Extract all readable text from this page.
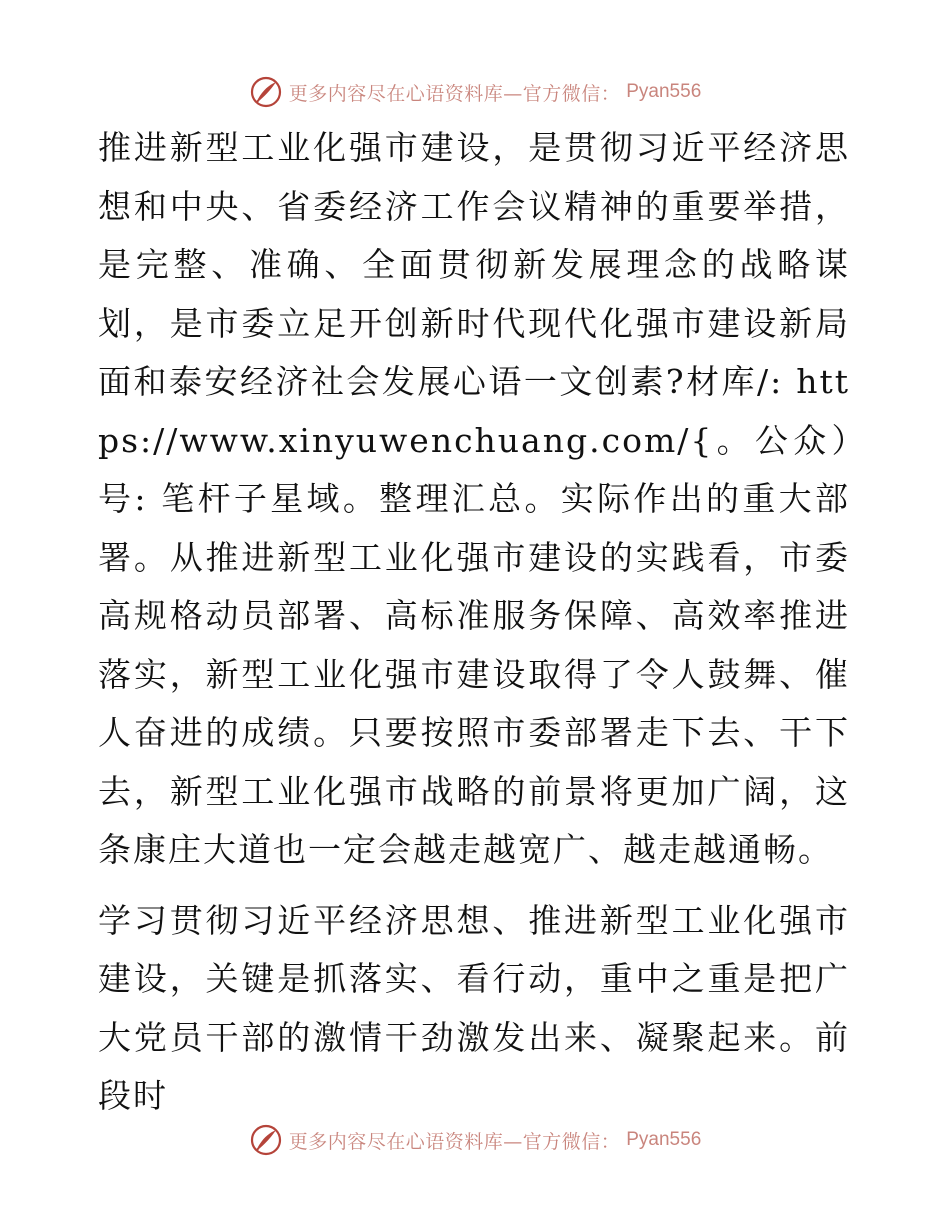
更多内容尽在心语资料库—官方微信： Pyan556

推进新型工业化强市建设，是贯彻习近平经济思想和中央、省委经济工作会议精神的重要举措，是完整、准确、全面贯彻新发展理念的战略谋划，是市委立足开创新时代现代化强市建设新局面和泰安经济社会发展心语一文创素?材库/: https://www.xinyuwenchuang.com/{。公众）号: 笔杆子星域。整理汇总。实际作出的重大部署。从推进新型工业化强市建设的实践看，市委高规格动员部署、高标准服务保障、高效率推进落实，新型工业化强市建设取得了令人鼓舞、催人奋进的成绩。只要按照市委部署走下去、干下去，新型工业化强市战略的前景将更加广阔，这条康庄大道也一定会越走越宽广、越走越通畅。

学习贯彻习近平经济思想、推进新型工业化强市建设，关键是抓落实、看行动，重中之重是把广大党员干部的激情干劲激发出来、凝聚起来。前段时

更多内容尽在心语资料库—官方微信： Pyan556
